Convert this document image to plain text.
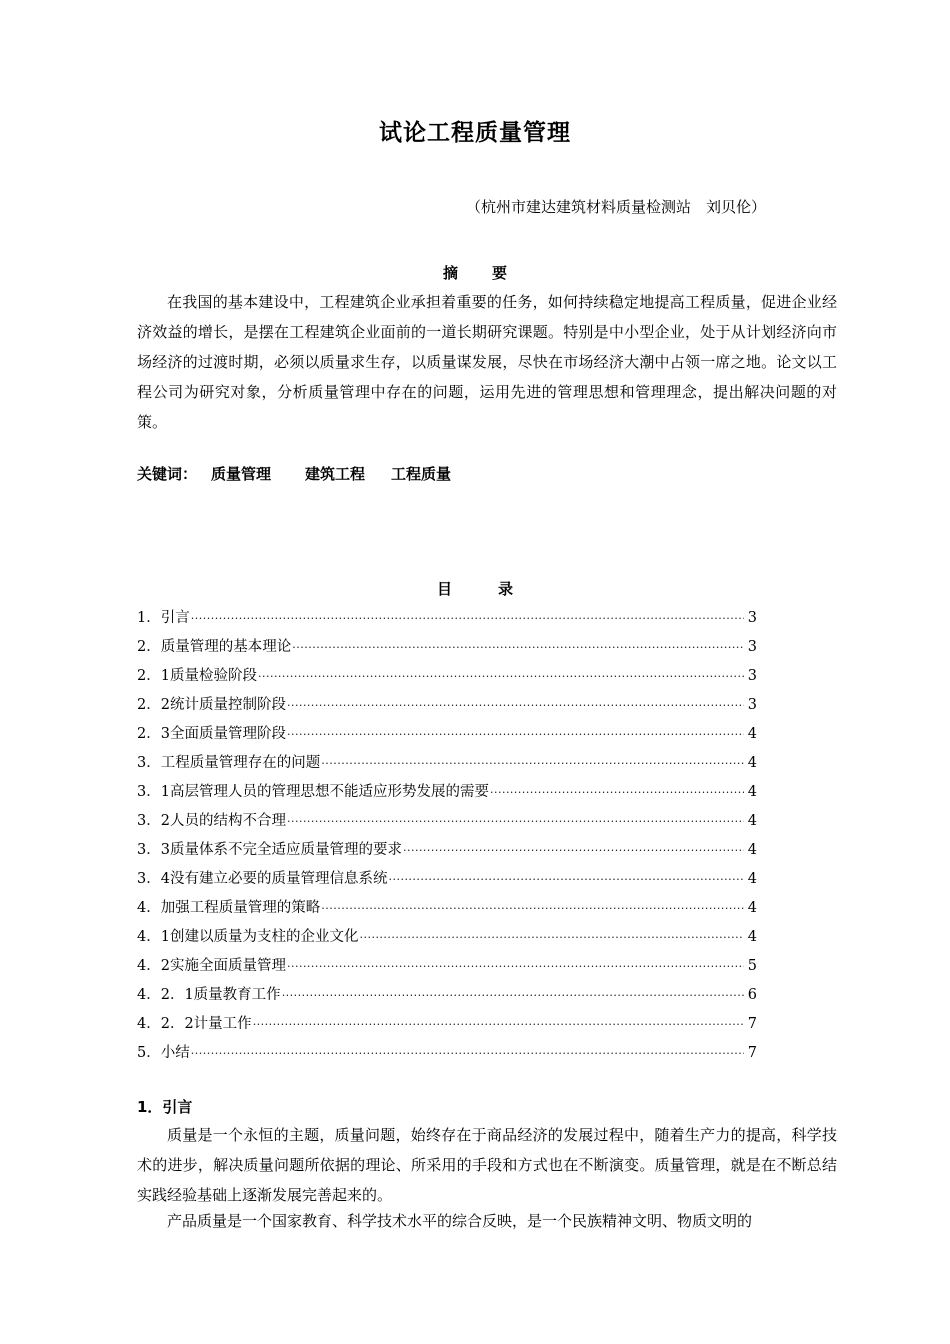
试论工程质量管理
（杭州市建达建筑材料质量检测站　刘贝伦）
摘 要
在我国的基本建设中，工程建筑企业承担着重要的任务，如何持续稳定地提高工程质量，促进企业经济效益的增长，是摆在工程建筑企业面前的一道长期研究课题。特别是中小型企业，处于从计划经济向市场经济的过渡时期，必须以质量求生存，以质量谋发展，尽快在市场经济大潮中占领一席之地。论文以工程公司为研究对象，分析质量管理中存在的问题，运用先进的管理思想和管理理念，提出解决问题的对策。
关键词： 质量管理 建筑工程 工程质量
目	录
1．引言 ·····	3
2．质量管理的基本理论 ·····	3
2．1质量检验阶段 ·····	3
2．2统计质量控制阶段 ·····	3
2．3全面质量管理阶段 ·····	4
3．工程质量管理存在的问题 ·····	4
3．1高层管理人员的管理思想不能适应形势发展的需要 ·····	4
3．2人员的结构不合理 ·····	4
3．3质量体系不完全适应质量管理的要求 ·····	4
3．4没有建立必要的质量管理信息系统 ·····	4
4．加强工程质量管理的策略 ·····	4
4．1创建以质量为支柱的企业文化 ·····	4
4．2实施全面质量管理 ·····	5
4．2．1质量教育工作 ·····	6
4．2．2计量工作 ·····	7
5．小结 ·····	7
1．引言
质量是一个永恒的主题，质量问题，始终存在于商品经济的发展过程中，随着生产力的提高，科学技术的进步，解决质量问题所依据的理论、所采用的手段和方式也在不断演变。质量管理，就是在不断总结实践经验基础上逐渐发展完善起来的。
产品质量是一个国家教育、科学技术水平的综合反映，是一个民族精神文明、物质文明的
